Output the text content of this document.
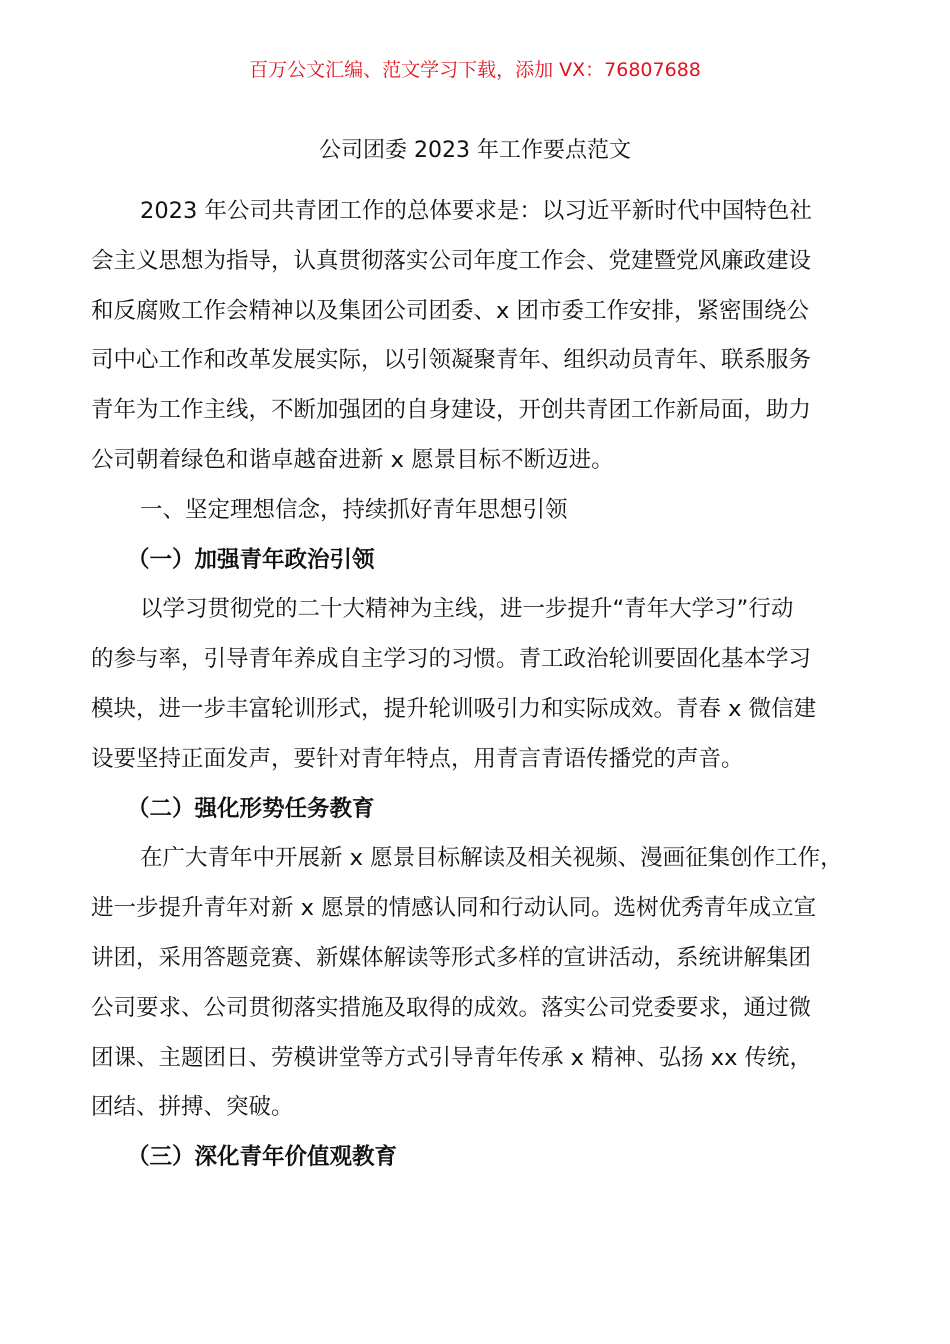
百万公文汇编、范文学习下载，添加 VX：76807688
公司团委 2023 年工作要点范文
2023 年公司共青团工作的总体要求是：以习近平新时代中国特色社
会主义思想为指导，认真贯彻落实公司年度工作会、党建暨党风廉政建设
和反腐败工作会精神以及集团公司团委、x 团市委工作安排，紧密围绕公
司中心工作和改革发展实际，以引领凝聚青年、组织动员青年、联系服务
青年为工作主线，不断加强团的自身建设，开创共青团工作新局面，助力
公司朝着绿色和谐卓越奋进新 x 愿景目标不断迈进。
一、坚定理想信念，持续抓好青年思想引领
（一）加强青年政治引领
以学习贯彻党的二十大精神为主线，进一步提升“青年大学习”行动
的参与率，引导青年养成自主学习的习惯。青工政治轮训要固化基本学习
模块，进一步丰富轮训形式，提升轮训吸引力和实际成效。青春 x 微信建
设要坚持正面发声，要针对青年特点，用青言青语传播党的声音。
（二）强化形势任务教育
在广大青年中开展新 x 愿景目标解读及相关视频、漫画征集创作工作，
进一步提升青年对新 x 愿景的情感认同和行动认同。选树优秀青年成立宣
讲团，采用答题竞赛、新媒体解读等形式多样的宣讲活动，系统讲解集团
公司要求、公司贯彻落实措施及取得的成效。落实公司党委要求，通过微
团课、主题团日、劳模讲堂等方式引导青年传承 x 精神、弘扬 xx 传统，
团结、拼搏、突破。
（三）深化青年价值观教育
